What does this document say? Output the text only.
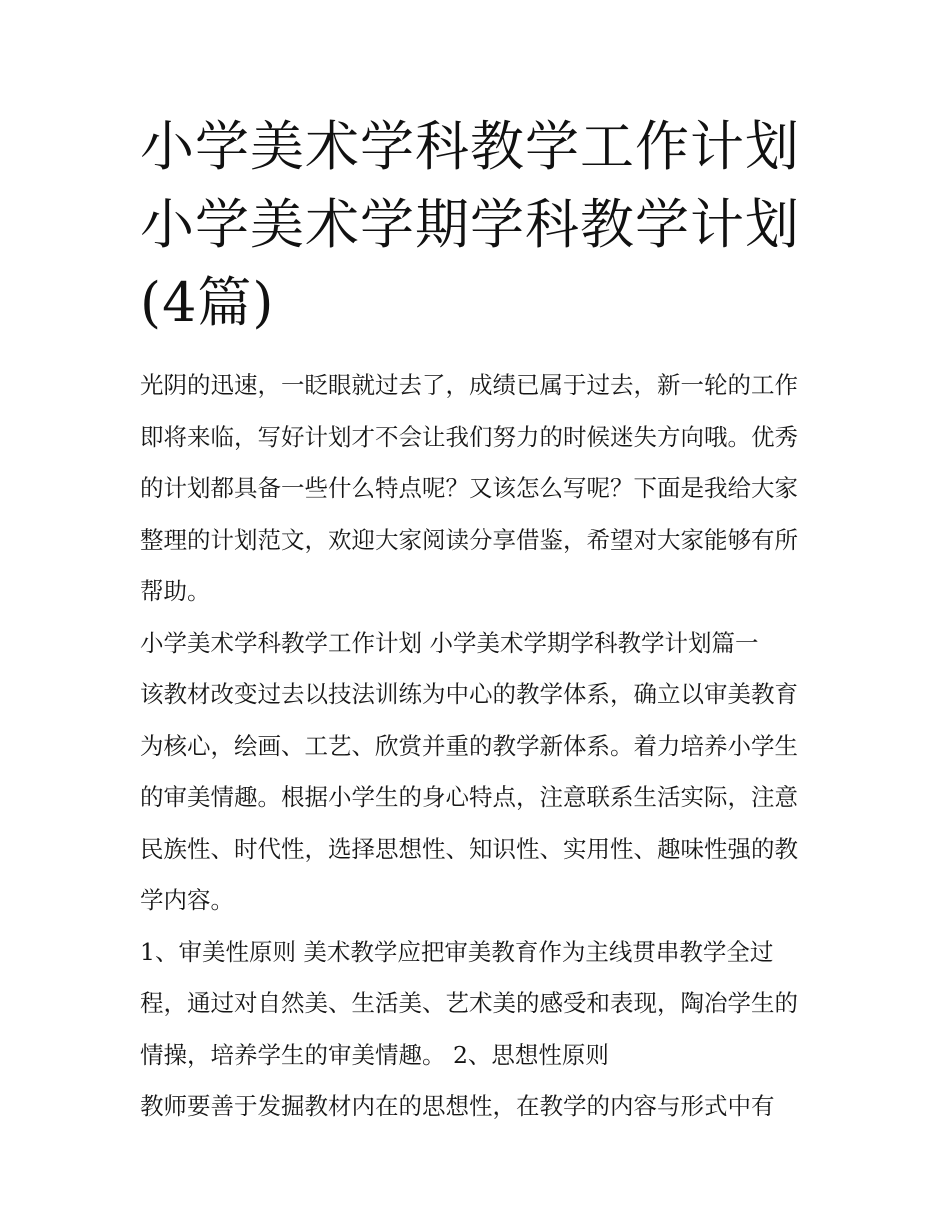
小学美术学科教学工作计划 小学美术学期学科教学计划(4篇)

光阴的迅速，一眨眼就过去了，成绩已属于过去，新一轮的工作即将来临，写好计划才不会让我们努力的时候迷失方向哦。优秀的计划都具备一些什么特点呢？又该怎么写呢？下面是我给大家整理的计划范文，欢迎大家阅读分享借鉴，希望对大家能够有所帮助。

小学美术学科教学工作计划 小学美术学期学科教学计划篇一

该教材改变过去以技法训练为中心的教学体系，确立以审美教育为核心，绘画、工艺、欣赏并重的教学新体系。着力培养小学生的审美情趣。根据小学生的身心特点，注意联系生活实际，注意民族性、时代性，选择思想性、知识性、实用性、趣味性强的教学内容。

1、审美性原则 美术教学应把审美教育作为主线贯串教学全过程，通过对自然美、生活美、艺术美的感受和表现，陶冶学生的情操，培养学生的审美情趣。 2、思想性原则

教师要善于发掘教材内在的思想性，在教学的内容与形式中有
